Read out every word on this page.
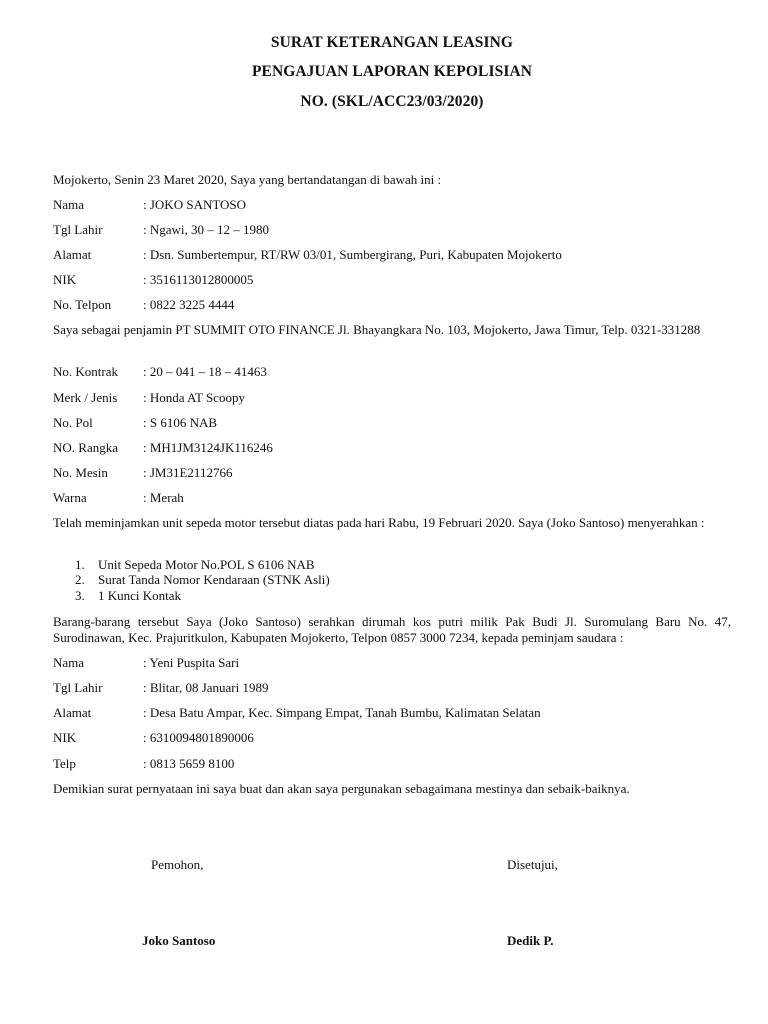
SURAT KETERANGAN LEASING
PENGAJUAN LAPORAN KEPOLISIAN
NO. (SKL/ACC23/03/2020)
Mojokerto, Senin 23 Maret 2020, Saya yang bertandatangan di bawah ini :
Nama	: JOKO SANTOSO
Tgl Lahir	: Ngawi, 30 – 12 – 1980
Alamat	: Dsn. Sumbertempur, RT/RW 03/01, Sumbergirang, Puri, Kabupaten Mojokerto
NIK	: 3516113012800005
No. Telpon : 0822 3225 4444
Saya sebagai penjamin PT SUMMIT OTO FINANCE Jl. Bhayangkara No. 103, Mojokerto, Jawa Timur, Telp. 0321-331288
No. Kontrak : 20 – 041 – 18 – 41463
Merk / Jenis : Honda AT Scoopy
No. Pol	: S 6106 NAB
NO. Rangka : MH1JM3124JK116246
No. Mesin	: JM31E2112766
Warna	: Merah
Telah meminjamkan unit sepeda motor tersebut diatas pada hari Rabu, 19 Februari 2020. Saya (Joko Santoso) menyerahkan :
1. Unit Sepeda Motor No.POL S 6106 NAB
2. Surat Tanda Nomor Kendaraan (STNK Asli)
3. 1 Kunci Kontak
Barang-barang tersebut Saya (Joko Santoso) serahkan dirumah kos putri milik Pak Budi Jl. Suromulang Baru No. 47, Surodinawan, Kec. Prajuritkulon, Kabupaten Mojokerto, Telpon 0857 3000 7234, kepada peminjam saudara :
Nama	: Yeni Puspita Sari
Tgl Lahir	: Blitar, 08 Januari 1989
Alamat	: Desa Batu Ampar, Kec. Simpang Empat, Tanah Bumbu, Kalimatan Selatan
NIK	: 6310094801890006
Telp	: 0813 5659 8100
Demikian surat pernyataan ini saya buat dan akan saya pergunakan sebagaimana mestinya dan sebaik-baiknya.
Pemohon,	Disetujui,
Joko Santoso	Dedik P.
